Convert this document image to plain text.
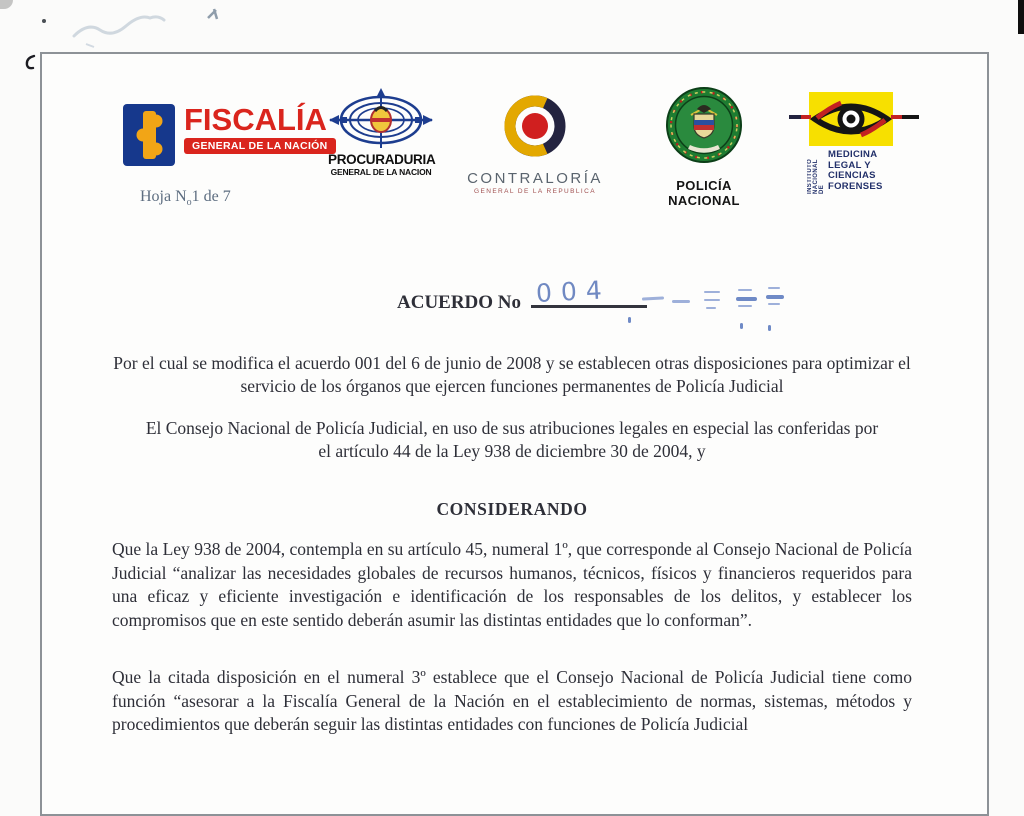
FISCALÍA
GENERAL DE LA NACIÓN
PROCURADURIA
GENERAL DE LA NACION CONTRALORÍA
GENERAL DE LA REPUBLICA	POLICÍA NACIONAL
INSTITUTO NACIONAL DE
MEDICINA
LEGAL Y
CIENCIAS
FORENSES
Hoja $N_o1$ de 7
ACUERDO No 004
Por el cual se modifica el acuerdo 001 del 6 de junio de 2008 y se establecen otras disposiciones para optimizar el servicio de los órganos que ejercen funciones permanentes de Policía Judicial
El Consejo Nacional de Policía Judicial, en uso de sus atribuciones legales en especial las conferidas por el artículo 44 de la Ley 938 de diciembre 30 de 2004, y
CONSIDERANDO
Que la Ley 938 de 2004, contempla en su artículo 45, numeral 1º, que corresponde al Consejo Nacional de Policía Judicial “analizar las necesidades globales de recursos humanos, técnicos, físicos y financieros requeridos para una eficaz y eficiente investigación e identificación de los responsables de los delitos, y establecer los compromisos que en este sentido deberán asumir las distintas entidades que lo conforman”.
Que la citada disposición en el numeral 3º establece que el Consejo Nacional de Policía Judicial tiene como función “asesorar a la Fiscalía General de la Nación en el establecimiento de normas, sistemas, métodos y procedimientos que deberán seguir las distintas entidades con funciones de Policía Judicial
